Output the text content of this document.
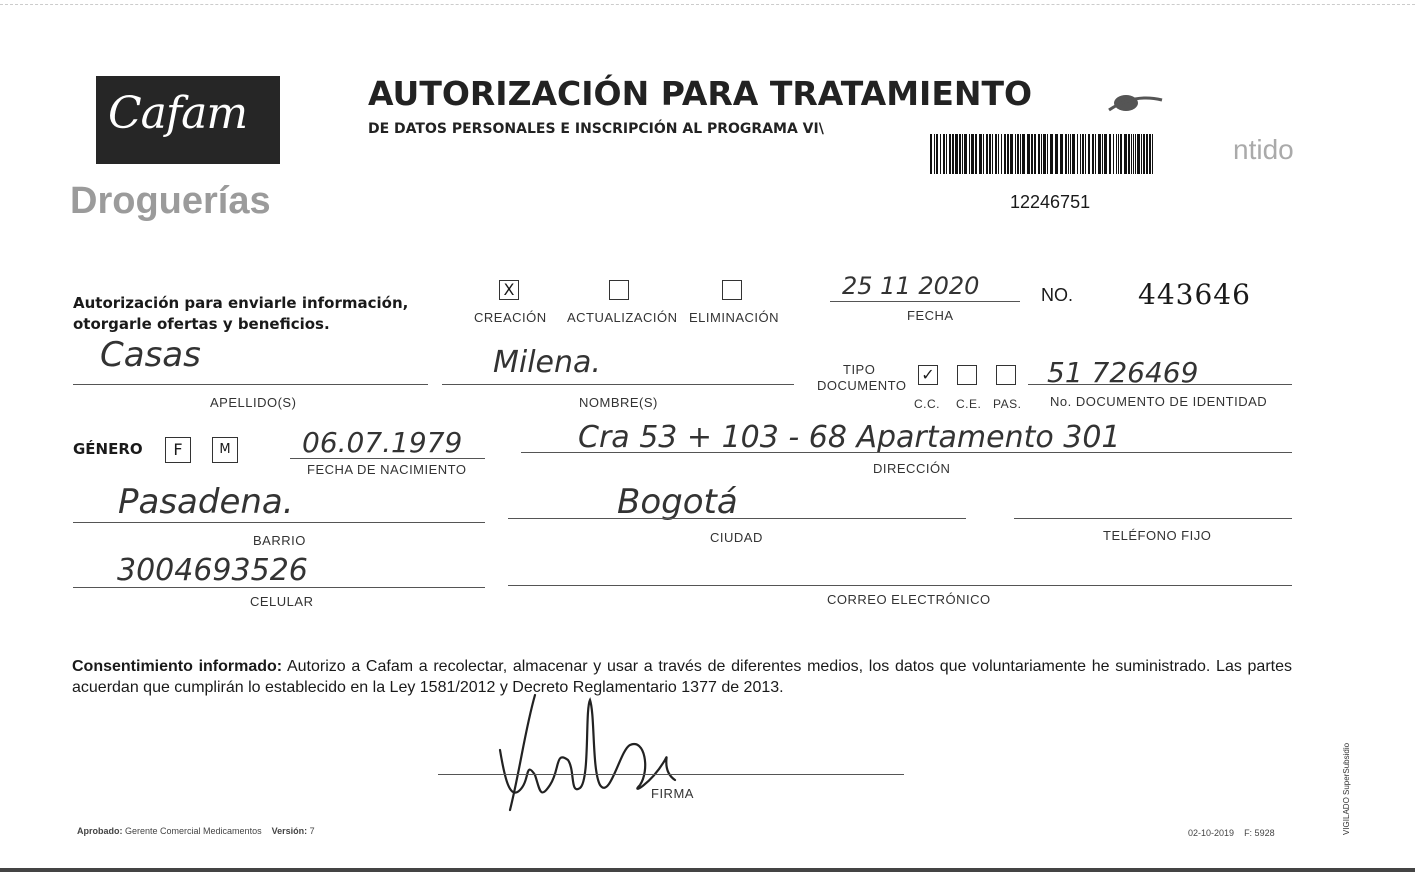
Cafam
Droguerías
AUTORIZACIÓN PARA TRATAMIENTO
DE DATOS PERSONALES E INSCRIPCIÓN AL PROGRAMA VI\
ntido
12246751
Autorización para enviarle información,
otorgarle ofertas y beneficios.
X
CREACIÓN ACTUALIZACIÓN ELIMINACIÓN
25 11 2020
FECHA
NO. 443646
Casas
APELLIDO(S)
Milena.
NOMBRE(S)
TIPO
DOCUMENTO
✓
C.C. C.E. PAS.
51 726469
No. DOCUMENTO DE IDENTIDAD
GÉNERO	F	M	06.07.1979
FECHA DE NACIMIENTO
Cra 53 + 103 - 68 Apartamento 301
DIRECCIÓN
Pasadena.
BARRIO
Bogotá
CIUDAD	TELÉFONO FIJO
3004693526
CELULAR	CORREO ELECTRÓNICO
Consentimiento informado: Autorizo a Cafam a recolectar, almacenar y usar a través de diferentes medios, los datos que voluntariamente he suministrado. Las partes acuerdan que cumplirán lo establecido en la Ley 1581/2012 y Decreto Reglamentario 1377 de 2013.
FIRMA
Aprobado: Gerente Comercial Medicamentos Versión: 7	02-10-2019 F: 5928	VIGILADO SuperSubsidio
